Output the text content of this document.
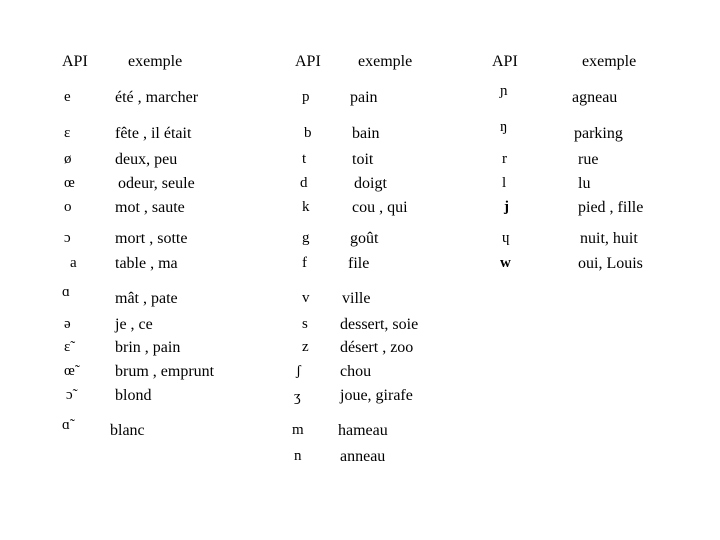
API	exemple	API exemple	API	exemple
e	été , marcher
ɛ	fête , il était
ø	deux, peu
œ	odeur, seule
o	mot , saute
ɔ	mort , sotte
a table , ma
ɑ	mât , pate
ə	je , ce
ɛ̃	brin , pain
œ̃	brum , emprunt
ɔ̃	blond
ɑ̃	blanc
p	pain
b	bain
t	toit
d	doigt
k	cou , qui
g	goût
f	file
v ville
s dessert, soie
z désert , zoo
ʃ chou
ʒ joue, girafe
m hameau
n anneau
ɲ	agneau
ŋ	parking
r	rue
l	lu
j	pied , fille
ɥ	nuit, huit
w	oui, Louis
